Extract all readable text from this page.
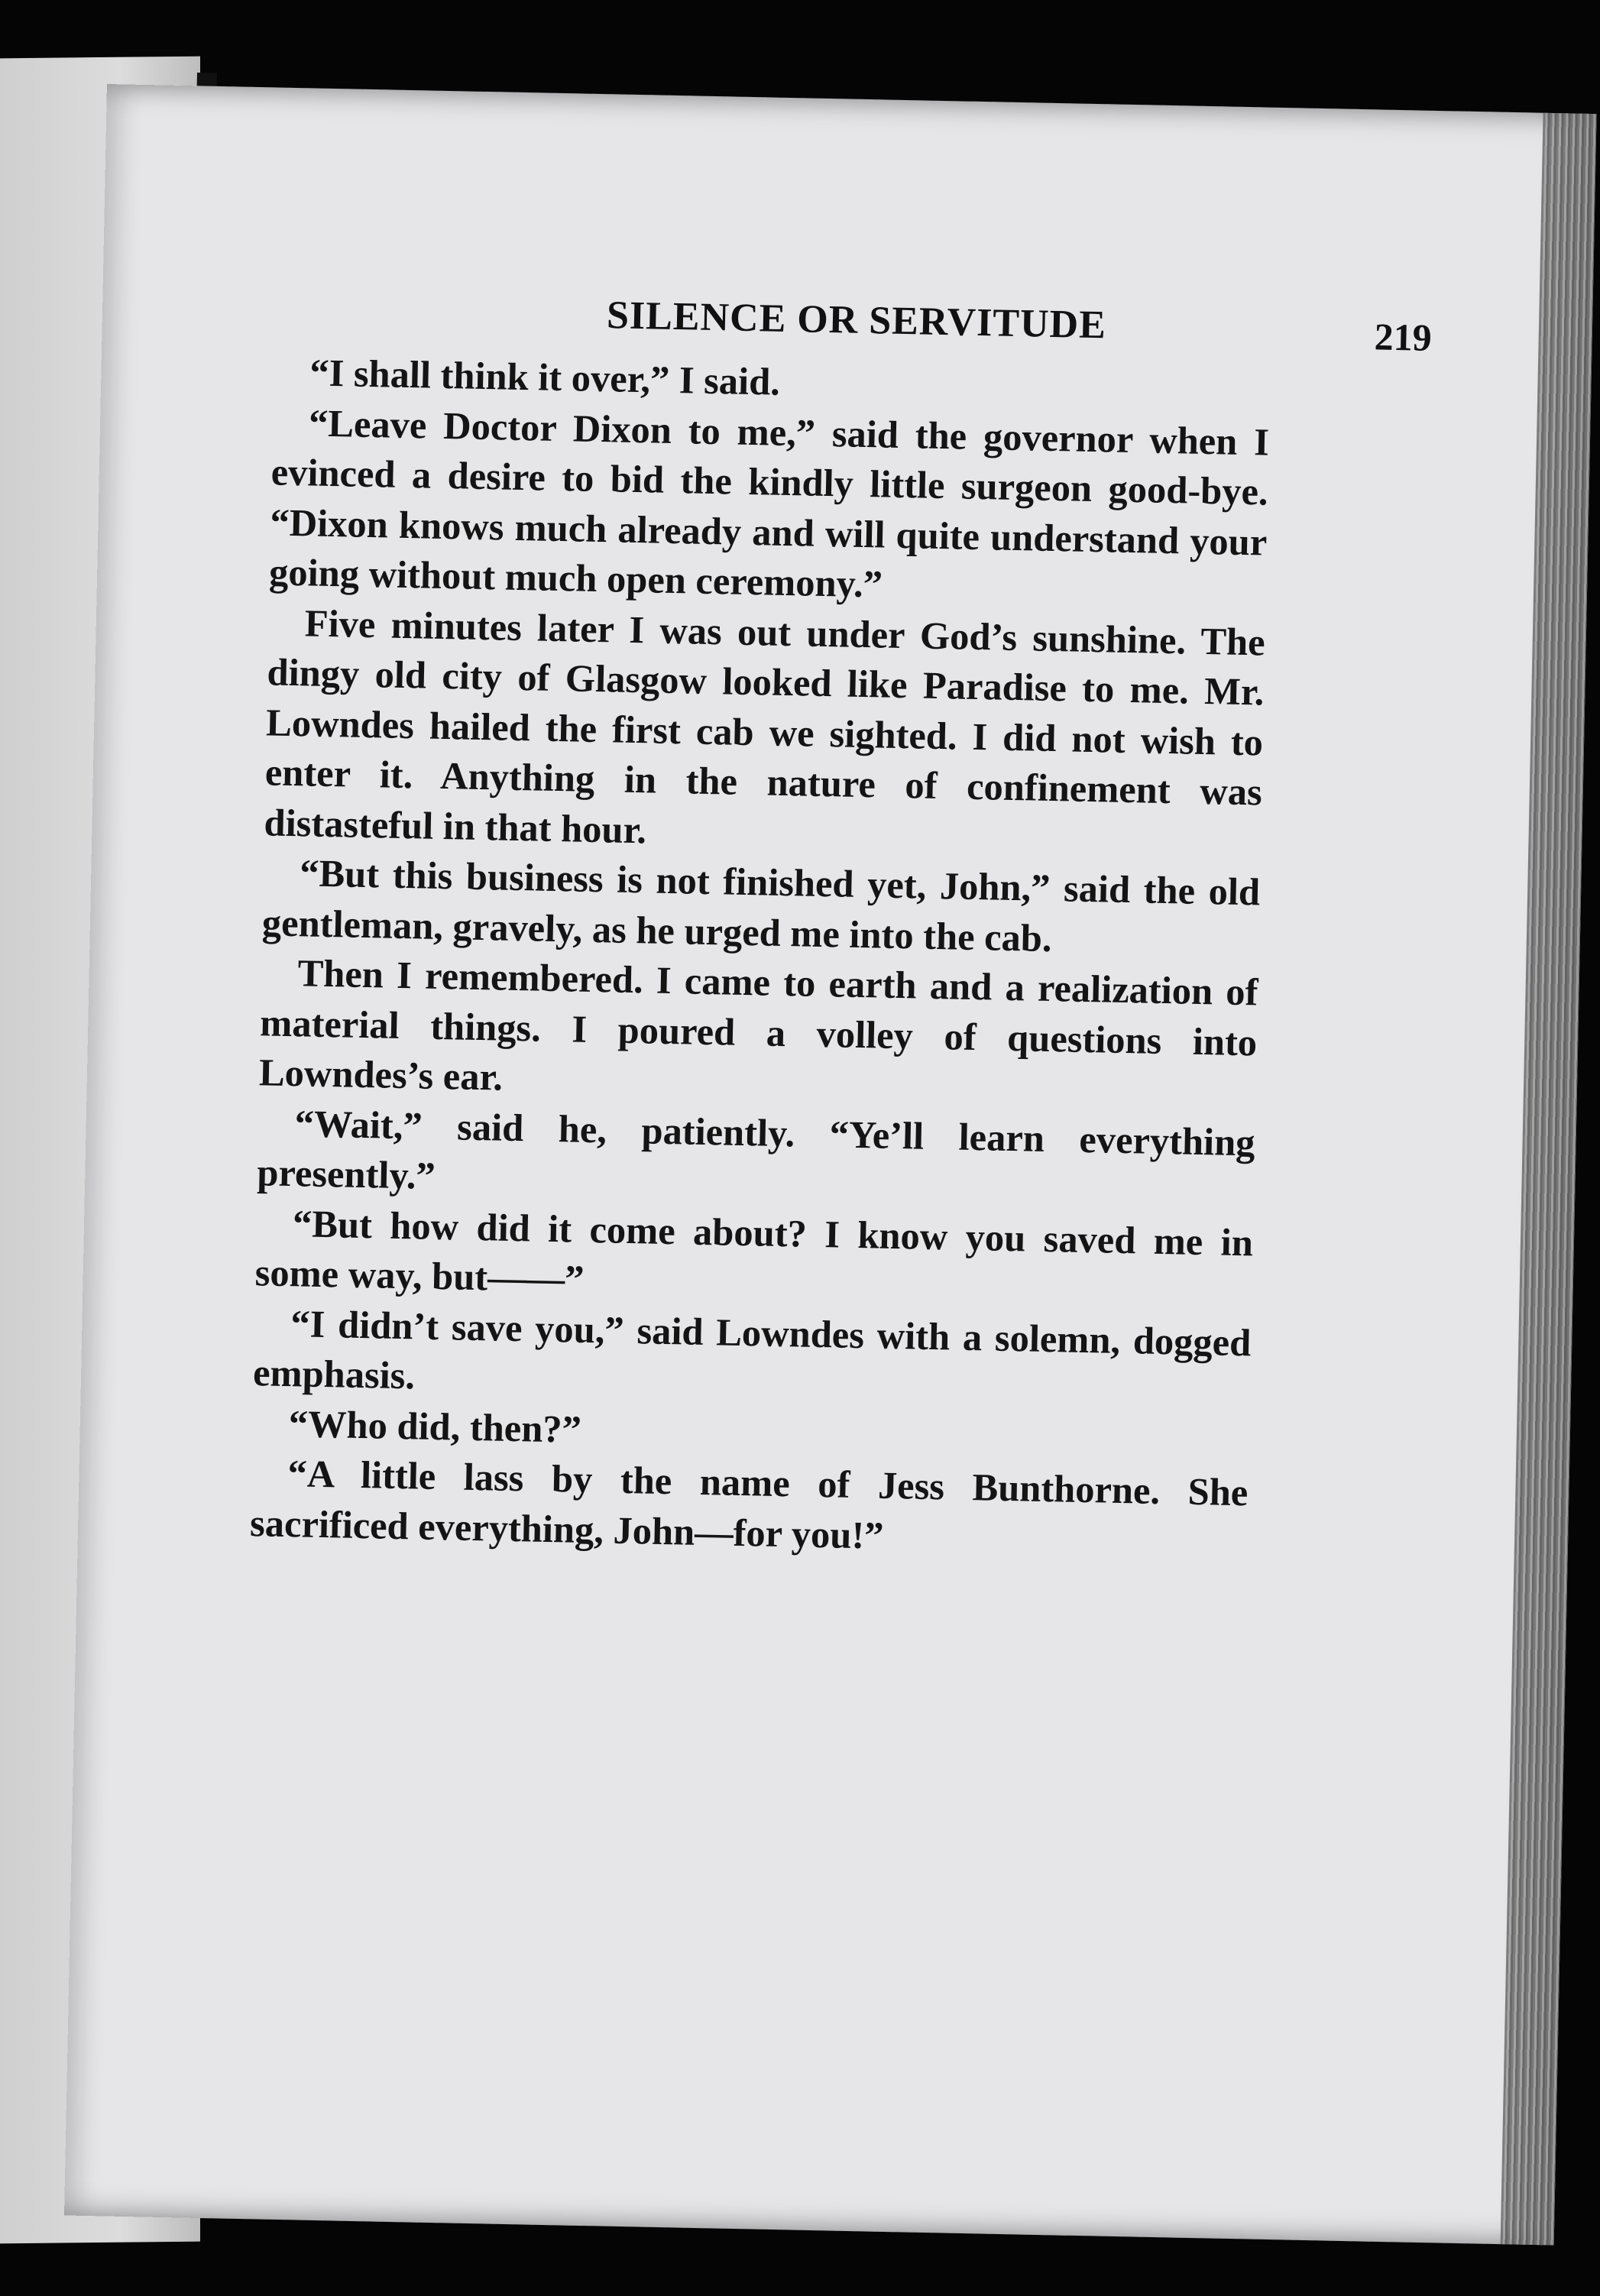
SILENCE OR SERVITUDE	219

“I shall think it over,” I said.

“Leave Doctor Dixon to me,” said the governor when I evinced a desire to bid the kindly little surgeon good-bye. “Dixon knows much already and will quite understand your going without much open ceremony.”

Five minutes later I was out under God’s sunshine. The dingy old city of Glasgow looked like Paradise to me. Mr. Lowndes hailed the first cab we sighted. I did not wish to enter it. Anything in the nature of confinement was distasteful in that hour.

“But this business is not finished yet, John,” said the old gentleman, gravely, as he urged me into the cab.

Then I remembered. I came to earth and a realization of material things. I poured a volley of questions into Lowndes’s ear.

“Wait,” said he, patiently. “Ye’ll learn everything presently.”

“But how did it come about? I know you saved me in some way, but——”

“I didn’t save you,” said Lowndes with a solemn, dogged emphasis.

“Who did, then?”

“A little lass by the name of Jess Bunthorne. She sacrificed everything, John—for you!”
